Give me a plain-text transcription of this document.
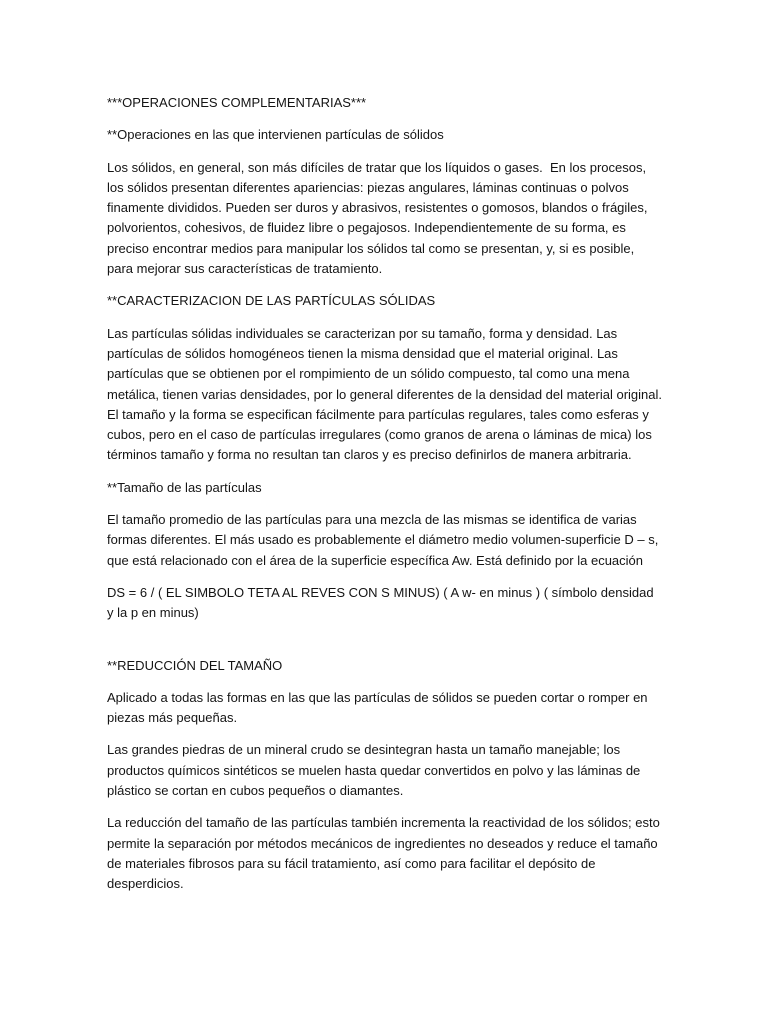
***OPERACIONES COMPLEMENTARIAS***

**Operaciones en las que intervienen partículas de sólidos

Los sólidos, en general, son más difíciles de tratar que los líquidos o gases.  En los procesos, los sólidos presentan diferentes apariencias: piezas angulares, láminas continuas o polvos finamente divididos. Pueden ser duros y abrasivos, resistentes o gomosos, blandos o frágiles, polvorientos, cohesivos, de fluidez libre o pegajosos. Independientemente de su forma, es preciso encontrar medios para manipular los sólidos tal como se presentan, y, si es posible, para mejorar sus características de tratamiento.

**CARACTERIZACION DE LAS PARTÍCULAS SÓLIDAS

Las partículas sólidas individuales se caracterizan por su tamaño, forma y densidad. Las partículas de sólidos homogéneos tienen la misma densidad que el material original. Las partículas que se obtienen por el rompimiento de un sólido compuesto, tal como una mena metálica, tienen varias densidades, por lo general diferentes de la densidad del material original. El tamaño y la forma se especifican fácilmente para partículas regulares, tales como esferas y cubos, pero en el caso de partículas irregulares (como granos de arena o láminas de mica) los términos tamaño y forma no resultan tan claros y es preciso definirlos de manera arbitraria.

**Tamaño de las partículas

El tamaño promedio de las partículas para una mezcla de las mismas se identifica de varias formas diferentes. El más usado es probablemente el diámetro medio volumen-superficie D – s, que está relacionado con el área de la superficie específica Aw. Está definido por la ecuación

DS = 6 / ( EL SIMBOLO TETA AL REVES CON S MINUS) ( A w- en minus ) ( símbolo densidad y la p en minus)

**REDUCCIÓN DEL TAMAÑO

Aplicado a todas las formas en las que las partículas de sólidos se pueden cortar o romper en piezas más pequeñas.

Las grandes piedras de un mineral crudo se desintegran hasta un tamaño manejable; los productos químicos sintéticos se muelen hasta quedar convertidos en polvo y las láminas de plástico se cortan en cubos pequeños o diamantes.

La reducción del tamaño de las partículas también incrementa la reactividad de los sólidos; esto permite la separación por métodos mecánicos de ingredientes no deseados y reduce el tamaño de materiales fibrosos para su fácil tratamiento, así como para facilitar el depósito de desperdicios.
